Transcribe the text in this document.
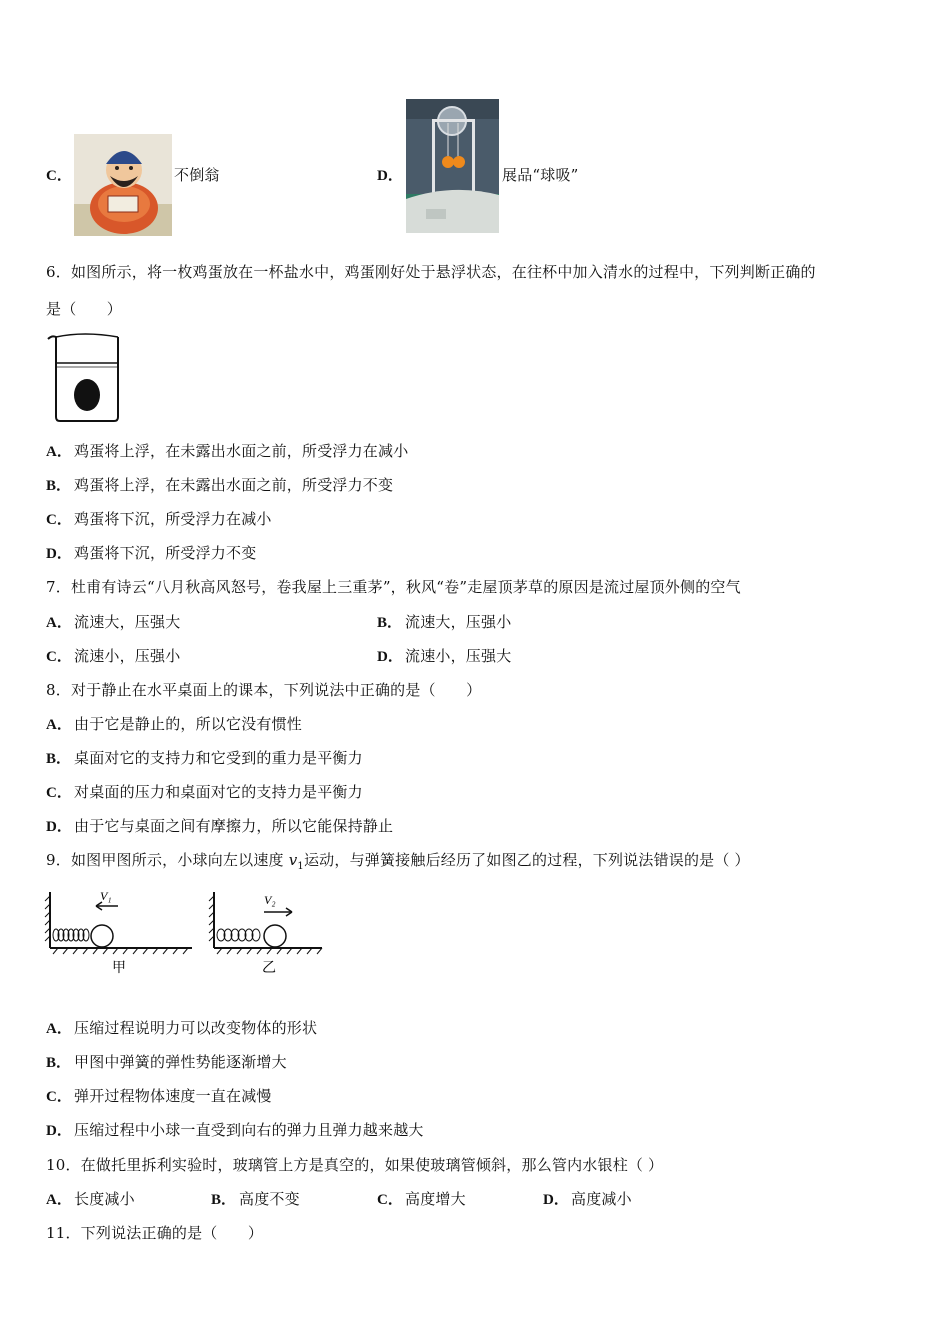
C．	不倒翁	D．	展品“球吸”
6．如图所示，将一枚鸡蛋放在一杯盐水中，鸡蛋刚好处于悬浮状态，在往杯中加入清水的过程中，下列判断正确的
是（　　）
A． 鸡蛋将上浮，在未露出水面之前，所受浮力在减小
B． 鸡蛋将上浮，在未露出水面之前，所受浮力不变
C． 鸡蛋将下沉，所受浮力在减小
D． 鸡蛋将下沉，所受浮力不变
7．杜甫有诗云“八月秋高风怒号，卷我屋上三重茅”，秋风“卷”走屋顶茅草的原因是流过屋顶外侧的空气
A． 流速大，压强大	B． 流速大，压强小
C． 流速小，压强小	D． 流速小，压强大
8．对于静止在水平桌面上的课本，下列说法中正确的是（　　）
A． 由于它是静止的，所以它没有惯性
B． 桌面对它的支持力和它受到的重力是平衡力
C． 对桌面的压力和桌面对它的支持力是平衡力
D． 由于它与桌面之间有摩擦力，所以它能保持静止
9．如图甲图所示，小球向左以速度 $v_1$运动，与弹簧接触后经历了如图乙的过程，下列说法错误的是（ ）
V₁
甲
V₂
乙
A． 压缩过程说明力可以改变物体的形状
B． 甲图中弹簧的弹性势能逐渐增大
C． 弹开过程物体速度一直在减慢
D． 压缩过程中小球一直受到向右的弹力且弹力越来越大
10．在做托里拆利实验时，玻璃管上方是真空的，如果使玻璃管倾斜，那么管内水银柱（ ）
A． 长度减小	B． 高度不变	C． 高度增大	D． 高度减小
11．下列说法正确的是（　　）
